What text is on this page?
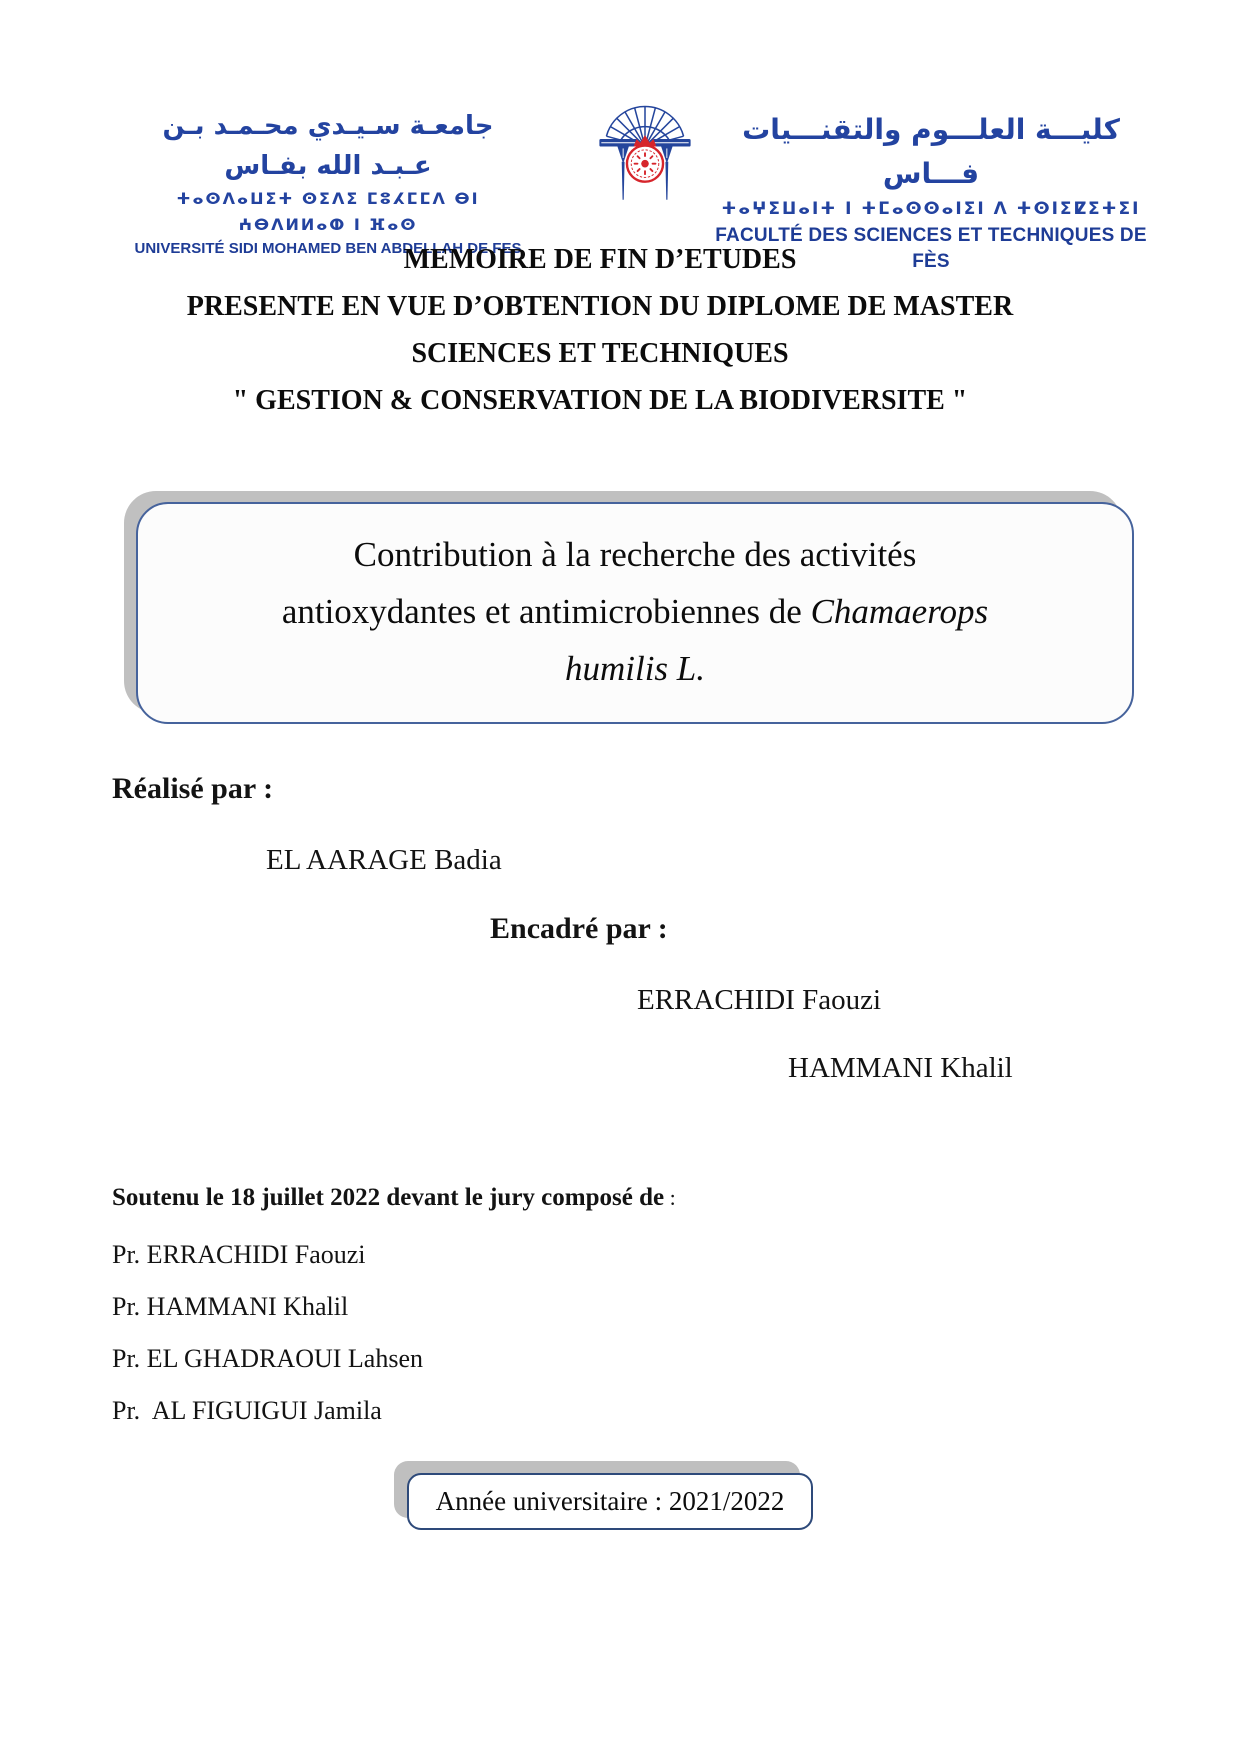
جامعـة سـيـدي محـمـد بـن عـبـد الله بفـاس
ⵜⴰⵙⴷⴰⵡⵉⵜ ⵙⵉⴷⵉ ⵎⵓⵃⵎⵎⴷ ⴱⵏ ⵄⴱⴷⵍⵍⴰⵀ ⵏ ⴼⴰⵙ
UNIVERSITÉ SIDI MOHAMED BEN ABDELLAH DE FES
كليـــة العلـــوم والتقنـــيات فـــاس
ⵜⴰⵖⵉⵡⴰⵏⵜ ⵏ ⵜⵎⴰⵙⵙⴰⵏⵉⵏ ⴷ ⵜⵙⵏⵉⵇⵉⵜⵉⵏ
FACULTÉ DES SCIENCES ET TECHNIQUES DE FÈS
MEMOIRE DE FIN D’ETUDES
PRESENTE EN VUE D’OBTENTION DU DIPLOME DE MASTER
SCIENCES ET TECHNIQUES
" GESTION & CONSERVATION DE LA BIODIVERSITE "
Contribution à la recherche des activités
antioxydantes et antimicrobiennes de Chamaerops
humilis L.
Réalisé par :
EL AARAGE Badia
Encadré par :
ERRACHIDI Faouzi
HAMMANI Khalil
Soutenu le 18 juillet 2022 devant le jury composé de :
Pr. ERRACHIDI Faouzi
Pr. HAMMANI Khalil
Pr. EL GHADRAOUI Lahsen
Pr.  AL FIGUIGUI Jamila
Année universitaire : 2021/2022
